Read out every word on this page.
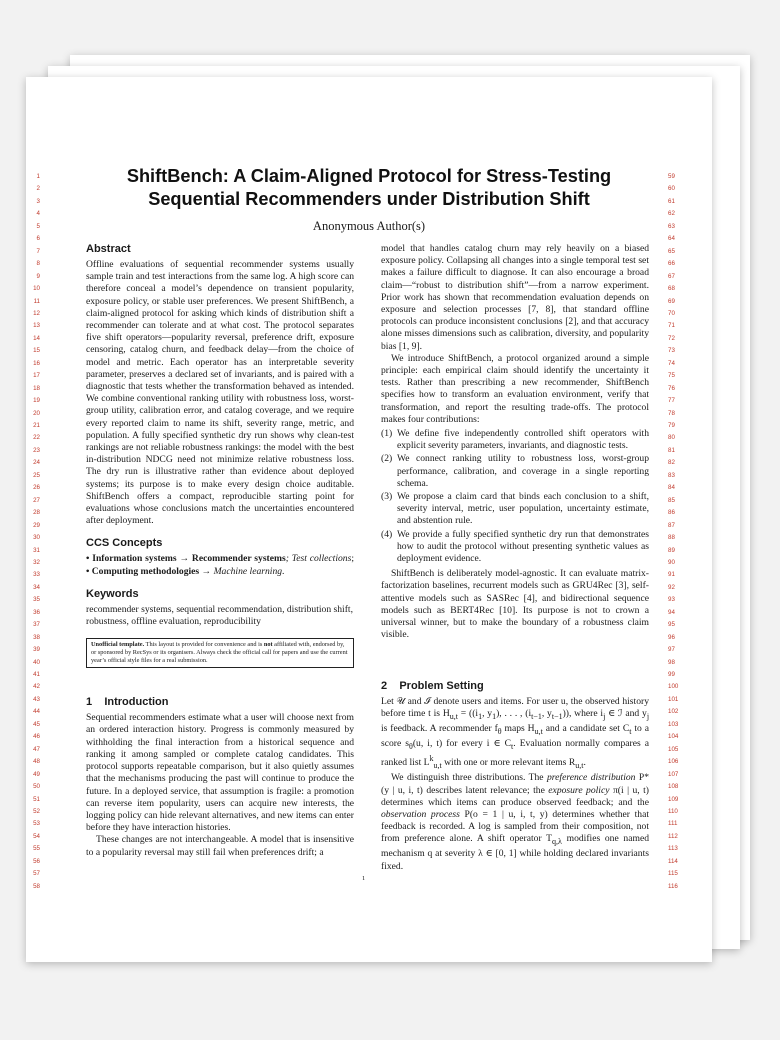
1
2
3
4
5
6
7
8
9
10
11
12
13
14
15
16
17
18
19
20
21
22
23
24
25
26
27
28
29
30
31
32
33
34
35
36
37
38
39
40
41
42
43
44
45
46
47
48
49
50
51
52
53
54
55
56
57
58
59
60
61
62
63
64
65
66
67
68
69
70
71
72
73
74
75
76
77
78
79
80
81
82
83
84
85
86
87
88
89
90
91
92
93
94
95
96
97
98
99
100
101
102
103
104
105
106
107
108
109
110
111
112
113
114
115
116
ShiftBench: A Claim-Aligned Protocol for Stress-Testing
Sequential Recommenders under Distribution Shift
Anonymous Author(s)
Abstract

Offline evaluations of sequential recommender systems usually sample train and test interactions from the same log. A high score can therefore conceal a model’s dependence on transient popularity, exposure policy, or stable user preferences. We present ShiftBench, a claim-aligned protocol for asking which kinds of distribution shift a recommender can tolerate and at what cost. The protocol separates five shift operators—popularity reversal, preference drift, exposure censoring, catalog churn, and feedback delay—from the choice of model and metric. Each operator has an interpretable severity parameter, preserves a declared set of invariants, and is paired with a diagnostic that tests whether the transformation behaved as intended. We combine conventional ranking utility with robustness loss, worst-group utility, calibration error, and catalog coverage, and we require every reported claim to name its shift, severity range, metric, and population. A fully specified synthetic dry run shows why clean-test rankings are not reliable robustness rankings: the model with the best in-distribution NDCG need not minimize relative robustness loss. The dry run is illustrative rather than evidence about deployed systems; its purpose is to make every design choice auditable. ShiftBench offers a compact, reproducible starting point for evaluations whose conclusions match the uncertainties encountered after deployment.

CCS Concepts

• Information systems → Recommender systems; Test collections; • Computing methodologies → Machine learning.

Keywords

recommender systems, sequential recommendation, distribution shift, robustness, offline evaluation, reproducibility

Unofficial template. This layout is provided for convenience and is not affiliated with, endorsed by, or sponsored by RecSys or its organisers. Always check the official call for papers and use the current year’s official style files for a real submission.
1    Introduction

Sequential recommenders estimate what a user will choose next from an ordered interaction history. Progress is commonly measured by withholding the final interaction from a historical sequence and ranking it among sampled or complete catalog candidates. This protocol supports repeatable comparison, but it also quietly assumes that the mechanisms producing the past will continue to produce the future. In a deployed service, that assumption is fragile: a promotion can reverse item popularity, users can acquire new interests, the logging policy can hide relevant alternatives, and new items can enter before they have interaction histories.

These changes are not interchangeable. A model that is insensitive to a popularity reversal may still fail when preferences drift; a

model that handles catalog churn may rely heavily on a biased exposure policy. Collapsing all changes into a single temporal test set makes a failure difficult to diagnose. It can also encourage a broad claim—“robust to distribution shift”—from a narrow experiment. Prior work has shown that recommendation evaluation depends on exposure and selection processes [7, 8], that standard offline protocols can produce inconsistent conclusions [2], and that accuracy alone misses dimensions such as calibration, diversity, and popularity bias [1, 9].

We introduce ShiftBench, a protocol organized around a simple principle: each empirical claim should identify the uncertainty it tests. Rather than prescribing a new recommender, ShiftBench specifies how to transform an evaluation environment, verify that transformation, and report the resulting trade-offs. The protocol makes four contributions:

(1) We define five independently controlled shift operators with explicit severity parameters, invariants, and diagnostic tests.
(2) We connect ranking utility to robustness loss, worst-group performance, calibration, and coverage in a single reporting schema.
(3) We propose a claim card that binds each conclusion to a shift, severity interval, metric, user population, uncertainty estimate, and abstention rule.
(4) We provide a fully specified synthetic dry run that demonstrates how to audit the protocol without presenting synthetic values as deployment evidence.

ShiftBench is deliberately model-agnostic. It can evaluate matrix-factorization baselines, recurrent models such as GRU4Rec [3], self-attentive models such as SASRec [4], and bidirectional sequence models such as BERT4Rec [10]. Its purpose is not to crown a universal winner, but to make the boundary of a robustness claim visible.

2    Problem Setting

Let 𝒰 and ℐ denote users and items. For user u, the observed history before time t is $H_{u,t} = ((i_1$, $y_1$), . . . , ($i_{t-1}$, $y_{t-1}$)), where $i_j$ ∈ ℐ and $y_j$ is feedback. A recommender $f_\theta$ maps $H_{u,t}$ and a candidate set $C_t$ to a score $s_\theta(u$, i, t) for every i ∈ $C_t$. Evaluation normally compares a ranked list $L^k_{u,t}$ with one or more relevant items $R_{u,t}$.

We distinguish three distributions. The preference distribution P*(y | u, i, t) describes latent relevance; the exposure policy π(i | u, t) determines which items can produce observed feedback; and the observation process P(o = 1 | u, i, t, y) determines whether that feedback is recorded. A log is sampled from their composition, not from preference alone. A shift operator $T_{q,\lambda}$ modifies one named mechanism q at severity λ ∈ [0, 1] while holding declared invariants fixed.

1
